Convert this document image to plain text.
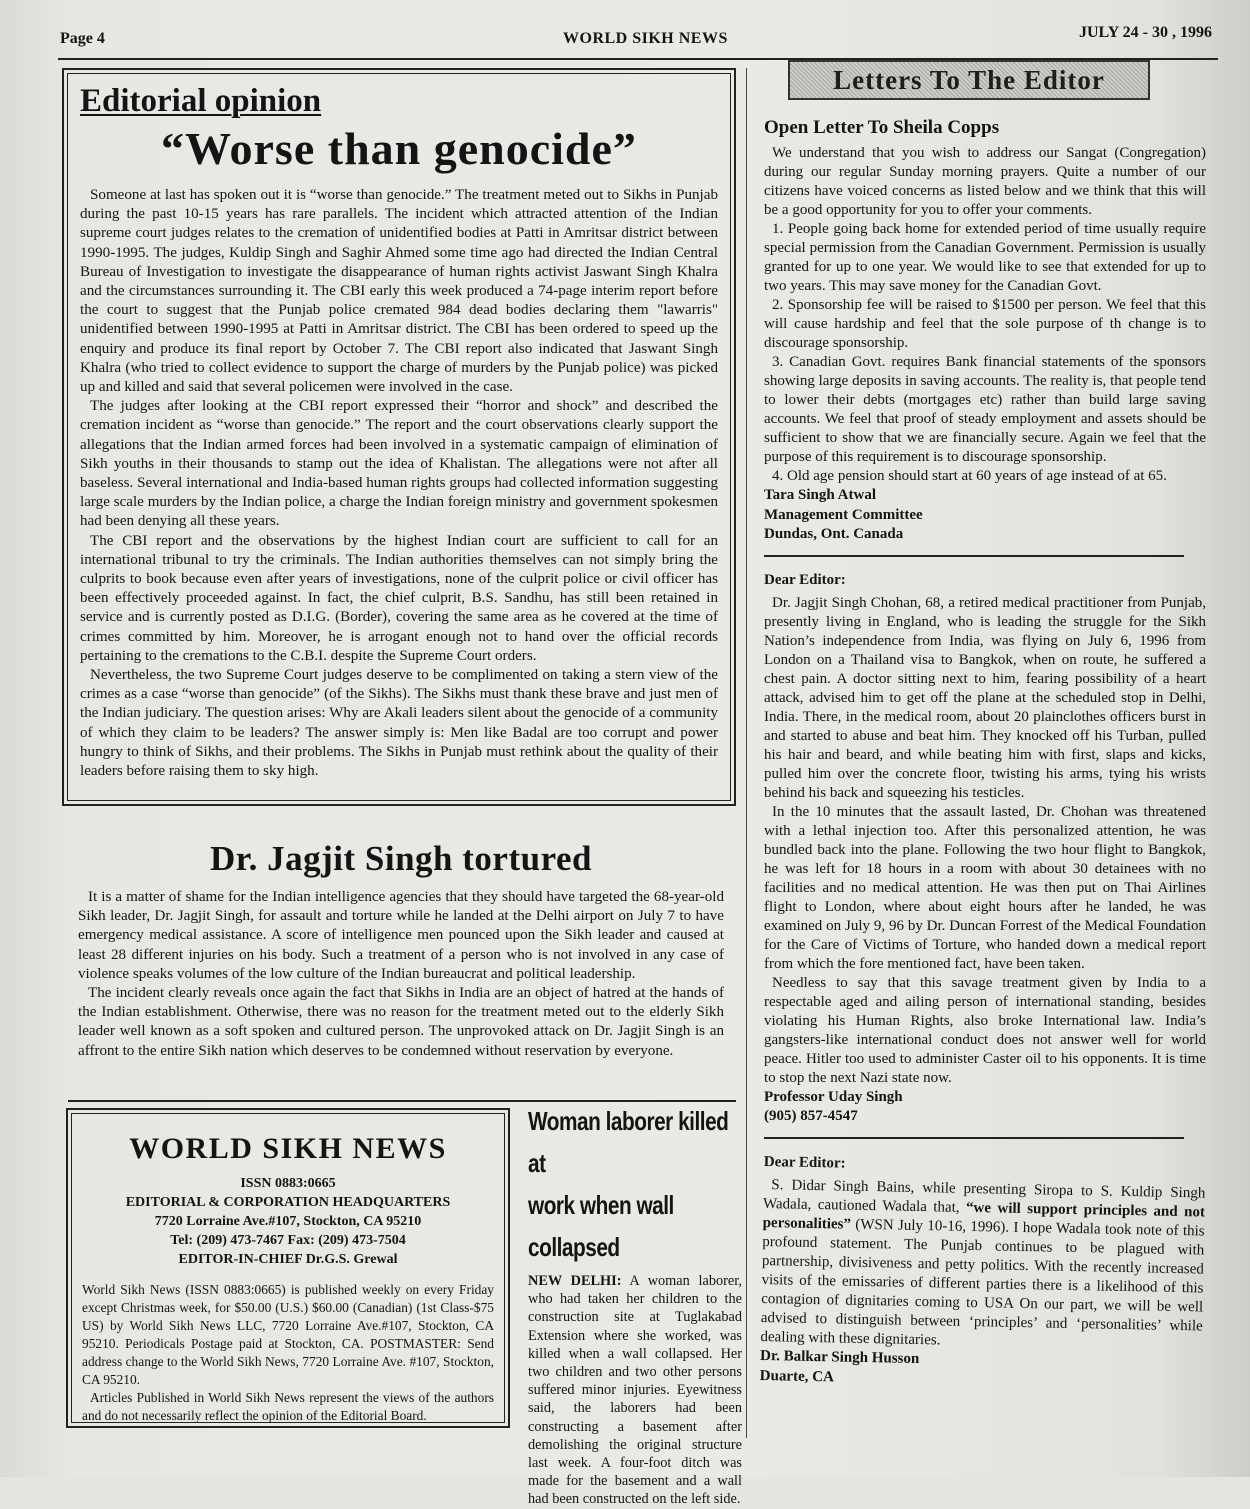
Page 4	WORLD SIKH NEWS	JULY 24 - 30 , 1996
Editorial opinion
“Worse than genocide”

Someone at last has spoken out it is “worse than genocide.” The treatment meted out to Sikhs in Punjab during the past 10-15 years has rare parallels. The incident which attracted attention of the Indian supreme court judges relates to the cremation of unidentified bodies at Patti in Amritsar district between 1990-1995. The judges, Kuldip Singh and Saghir Ahmed some time ago had directed the Indian Central Bureau of Investigation to investigate the disappearance of human rights activist Jaswant Singh Khalra and the circumstances surrounding it. The CBI early this week produced a 74-page interim report before the court to suggest that the Punjab police cremated 984 dead bodies declaring them "lawarris" unidentified between 1990-1995 at Patti in Amritsar district. The CBI has been ordered to speed up the enquiry and produce its final report by October 7. The CBI report also indicated that Jaswant Singh Khalra (who tried to collect evidence to support the charge of murders by the Punjab police) was picked up and killed and said that several policemen were involved in the case.

The judges after looking at the CBI report expressed their “horror and shock” and described the cremation incident as “worse than genocide.” The report and the court observations clearly support the allegations that the Indian armed forces had been involved in a systematic campaign of elimination of Sikh youths in their thousands to stamp out the idea of Khalistan. The allegations were not after all baseless. Several international and India-based human rights groups had collected information suggesting large scale murders by the Indian police, a charge the Indian foreign ministry and government spokesmen had been denying all these years.

The CBI report and the observations by the highest Indian court are sufficient to call for an international tribunal to try the criminals. The Indian authorities themselves can not simply bring the culprits to book because even after years of investigations, none of the culprit police or civil officer has been effectively proceeded against. In fact, the chief culprit, B.S. Sandhu, has still been retained in service and is currently posted as D.I.G. (Border), covering the same area as he covered at the time of crimes committed by him. Moreover, he is arrogant enough not to hand over the official records pertaining to the cremations to the C.B.I. despite the Supreme Court orders.

Nevertheless, the two Supreme Court judges deserve to be complimented on taking a stern view of the crimes as a case “worse than genocide” (of the Sikhs). The Sikhs must thank these brave and just men of the Indian judiciary. The question arises: Why are Akali leaders silent about the genocide of a community of which they claim to be leaders? The answer simply is: Men like Badal are too corrupt and power hungry to think of Sikhs, and their problems. The Sikhs in Punjab must rethink about the quality of their leaders before raising them to sky high.

Dr. Jagjit Singh tortured

It is a matter of shame for the Indian intelligence agencies that they should have targeted the 68-year-old Sikh leader, Dr. Jagjit Singh, for assault and torture while he landed at the Delhi airport on July 7 to have emergency medical assistance. A score of intelligence men pounced upon the Sikh leader and caused at least 28 different injuries on his body. Such a treatment of a person who is not involved in any case of violence speaks volumes of the low culture of the Indian bureaucrat and political leadership.

The incident clearly reveals once again the fact that Sikhs in India are an object of hatred at the hands of the Indian establishment. Otherwise, there was no reason for the treatment meted out to the elderly Sikh leader well known as a soft spoken and cultured person. The unprovoked attack on Dr. Jagjit Singh is an affront to the entire Sikh nation which deserves to be condemned without reservation by everyone.

WORLD SIKH NEWS
ISSN 0883:0665
EDITORIAL & CORPORATION HEADQUARTERS
7720 Lorraine Ave.#107, Stockton, CA 95210
Tel: (209) 473-7467 Fax: (209) 473-7504
EDITOR-IN-CHIEF Dr.G.S. Grewal

World Sikh News (ISSN 0883:0665) is published weekly on every Friday except Christmas week, for $50.00 (U.S.) $60.00 (Canadian) (1st Class-$75 US) by World Sikh News LLC, 7720 Lorraine Ave.#107, Stockton, CA 95210. Periodicals Postage paid at Stockton, CA. POSTMASTER: Send address change to the World Sikh News, 7720 Lorraine Ave. #107, Stockton, CA 95210.

Articles Published in World Sikh News represent the views of the authors and do not necessarily reflect the opinion of the Editorial Board.

Woman laborer killed at
work when wall collapsed
NEW DELHI: A woman laborer, who had taken her children to the construction site at Tuglakabad Extension where she worked, was killed when a wall collapsed. Her two children and two other persons suffered minor injuries. Eyewitness said, the laborers had been constructing a basement after demolishing the original structure last week. A four-foot ditch was made for the basement and a wall had been constructed on the left side.
Letters To The Editor
Open Letter To Sheila Copps

We understand that you wish to address our Sangat (Congregation) during our regular Sunday morning prayers. Quite a number of our citizens have voiced concerns as listed below and we think that this will be a good opportunity for you to offer your comments.

1. People going back home for extended period of time usually require special permission from the Canadian Government. Permission is usually granted for up to one year. We would like to see that extended for up to two years. This may save money for the Canadian Govt.

2. Sponsorship fee will be raised to $1500 per person. We feel that this will cause hardship and feel that the sole purpose of th change is to discourage sponsorship.

3. Canadian Govt. requires Bank financial statements of the sponsors showing large deposits in saving accounts. The reality is, that people tend to lower their debts (mortgages etc) rather than build large saving accounts. We feel that proof of steady employment and assets should be sufficient to show that we are financially secure. Again we feel that the purpose of this requirement is to discourage sponsorship.

4. Old age pension should start at 60 years of age instead of at 65.

Tara Singh Atwal
Management Committee
Dundas, Ont. Canada
Dear Editor:

Dr. Jagjit Singh Chohan, 68, a retired medical practitioner from Punjab, presently living in England, who is leading the struggle for the Sikh Nation’s independence from India, was flying on July 6, 1996 from London on a Thailand visa to Bangkok, when on route, he suffered a chest pain. A doctor sitting next to him, fearing possibility of a heart attack, advised him to get off the plane at the scheduled stop in Delhi, India. There, in the medical room, about 20 plainclothes officers burst in and started to abuse and beat him. They knocked off his Turban, pulled his hair and beard, and while beating him with first, slaps and kicks, pulled him over the concrete floor, twisting his arms, tying his wrists behind his back and squeezing his testicles.

In the 10 minutes that the assault lasted, Dr. Chohan was threatened with a lethal injection too. After this personalized attention, he was bundled back into the plane. Following the two hour flight to Bangkok, he was left for 18 hours in a room with about 30 detainees with no facilities and no medical attention. He was then put on Thai Airlines flight to London, where about eight hours after he landed, he was examined on July 9, 96 by Dr. Duncan Forrest of the Medical Foundation for the Care of Victims of Torture, who handed down a medical report from which the fore mentioned fact, have been taken.

Needless to say that this savage treatment given by India to a respectable aged and ailing person of international standing, besides violating his Human Rights, also broke International law. India’s gangsters-like international conduct does not answer well for world peace. Hitler too used to administer Caster oil to his opponents. It is time to stop the next Nazi state now.

Professor Uday Singh
(905) 857-4547
Dear Editor:

S. Didar Singh Bains, while presenting Siropa to S. Kuldip Singh Wadala, cautioned Wadala that, “we will support principles and not personalities” (WSN July 10-16, 1996). I hope Wadala took note of this profound statement. The Punjab continues to be plagued with partnership, divisiveness and petty politics. With the recently increased visits of the emissaries of different parties there is a likelihood of this contagion of dignitaries coming to USA On our part, we will be well advised to distinguish between ‘principles’ and ‘personalities’ while dealing with these dignitaries.

Dr. Balkar Singh Husson
Duarte, CA
